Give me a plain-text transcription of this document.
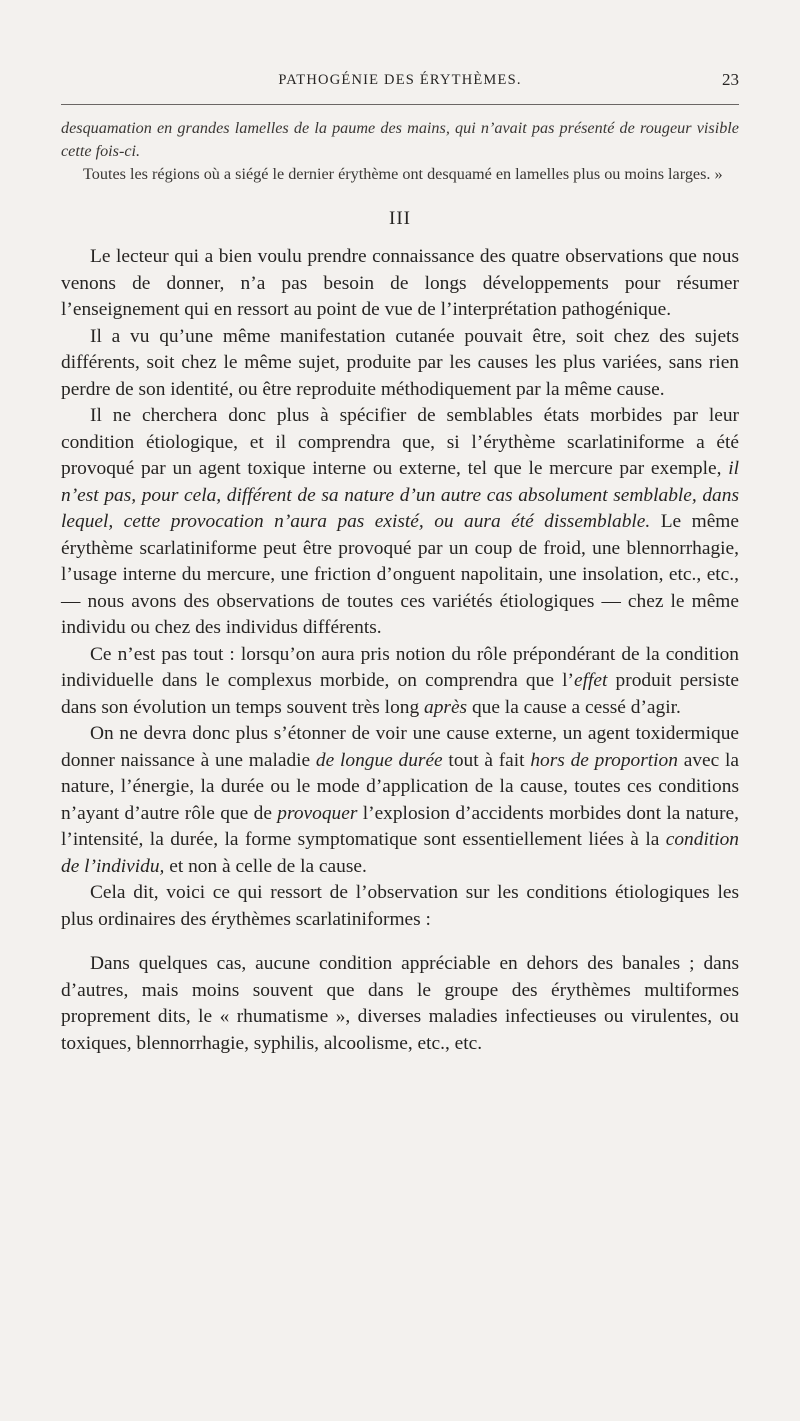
PATHOGÉNIE DES ÉRYTHÈMES.	23

desquamation en grandes lamelles de la paume des mains, qui n’avait pas présenté de rougeur visible cette fois-ci.

Toutes les régions où a siégé le dernier érythème ont desquamé en lamelles plus ou moins larges. »

III

Le lecteur qui a bien voulu prendre connaissance des quatre observations que nous venons de donner, n’a pas besoin de longs développements pour résumer l’enseignement qui en ressort au point de vue de l’interprétation pathogénique.

Il a vu qu’une même manifestation cutanée pouvait être, soit chez des sujets différents, soit chez le même sujet, produite par les causes les plus variées, sans rien perdre de son identité, ou être reproduite méthodiquement par la même cause.

Il ne cherchera donc plus à spécifier de semblables états morbides par leur condition étiologique, et il comprendra que, si l’érythème scarlatiniforme a été provoqué par un agent toxique interne ou externe, tel que le mercure par exemple, il n’est pas, pour cela, différent de sa nature d’un autre cas absolument semblable, dans lequel, cette provocation n’aura pas existé, ou aura été dissemblable. Le même érythème scarlatiniforme peut être provoqué par un coup de froid, une blennorrhagie, l’usage interne du mercure, une friction d’onguent napolitain, une insolation, etc., etc., — nous avons des observations de toutes ces variétés étiologiques — chez le même individu ou chez des individus différents.

Ce n’est pas tout : lorsqu’on aura pris notion du rôle prépondérant de la condition individuelle dans le complexus morbide, on comprendra que l’effet produit persiste dans son évolution un temps souvent très long après que la cause a cessé d’agir.

On ne devra donc plus s’étonner de voir une cause externe, un agent toxidermique donner naissance à une maladie de longue durée tout à fait hors de proportion avec la nature, l’énergie, la durée ou le mode d’application de la cause, toutes ces conditions n’ayant d’autre rôle que de provoquer l’explosion d’accidents morbides dont la nature, l’intensité, la durée, la forme symptomatique sont essentiellement liées à la condition de l’individu, et non à celle de la cause.

Cela dit, voici ce qui ressort de l’observation sur les conditions étiologiques les plus ordinaires des érythèmes scarlatiniformes :

Dans quelques cas, aucune condition appréciable en dehors des banales ; dans d’autres, mais moins souvent que dans le groupe des érythèmes multiformes proprement dits, le « rhumatisme », diverses maladies infectieuses ou virulentes, ou toxiques, blennorrhagie, syphilis, alcoolisme, etc., etc.
